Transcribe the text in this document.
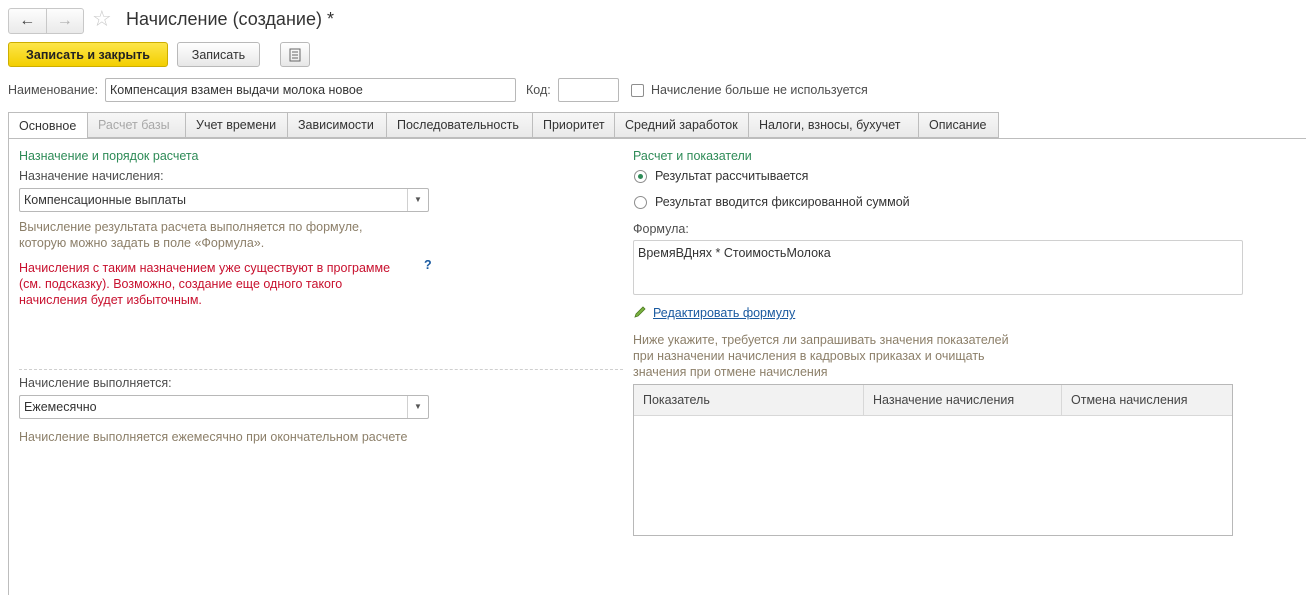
←	→ ☆ Начисление (создание) *
Записать и закрыть	Записать
Наименование: Компенсация взамен выдачи молока новое	Код:	Начисление больше не используется
Основное	Расчет базы	Учет времени	Зависимости	Последовательность	Приоритет	Средний заработок	Налоги, взносы, бухучет	Описание
Назначение и порядок расчета
Назначение начисления:
Компенсационные выплаты	▼
Вычисление результата расчета выполняется по формуле,
которую можно задать в поле «Формула».
Начисления с таким назначением уже существуют в программе
(см. подсказку). Возможно, создание еще одного такого
начисления будет избыточным.
?
Начисление выполняется:
Ежемесячно	▼
Начисление выполняется ежемесячно при окончательном расчете
Расчет и показатели
Результат рассчитывается
Результат вводится фиксированной суммой
Формула:
ВремяВДнях * СтоимостьМолока
Редактировать формулу
Ниже укажите, требуется ли запрашивать значения показателей
при назначении начисления в кадровых приказах и очищать
значения при отмене начисления
Показатель	Назначение начисления	Отмена начисления
